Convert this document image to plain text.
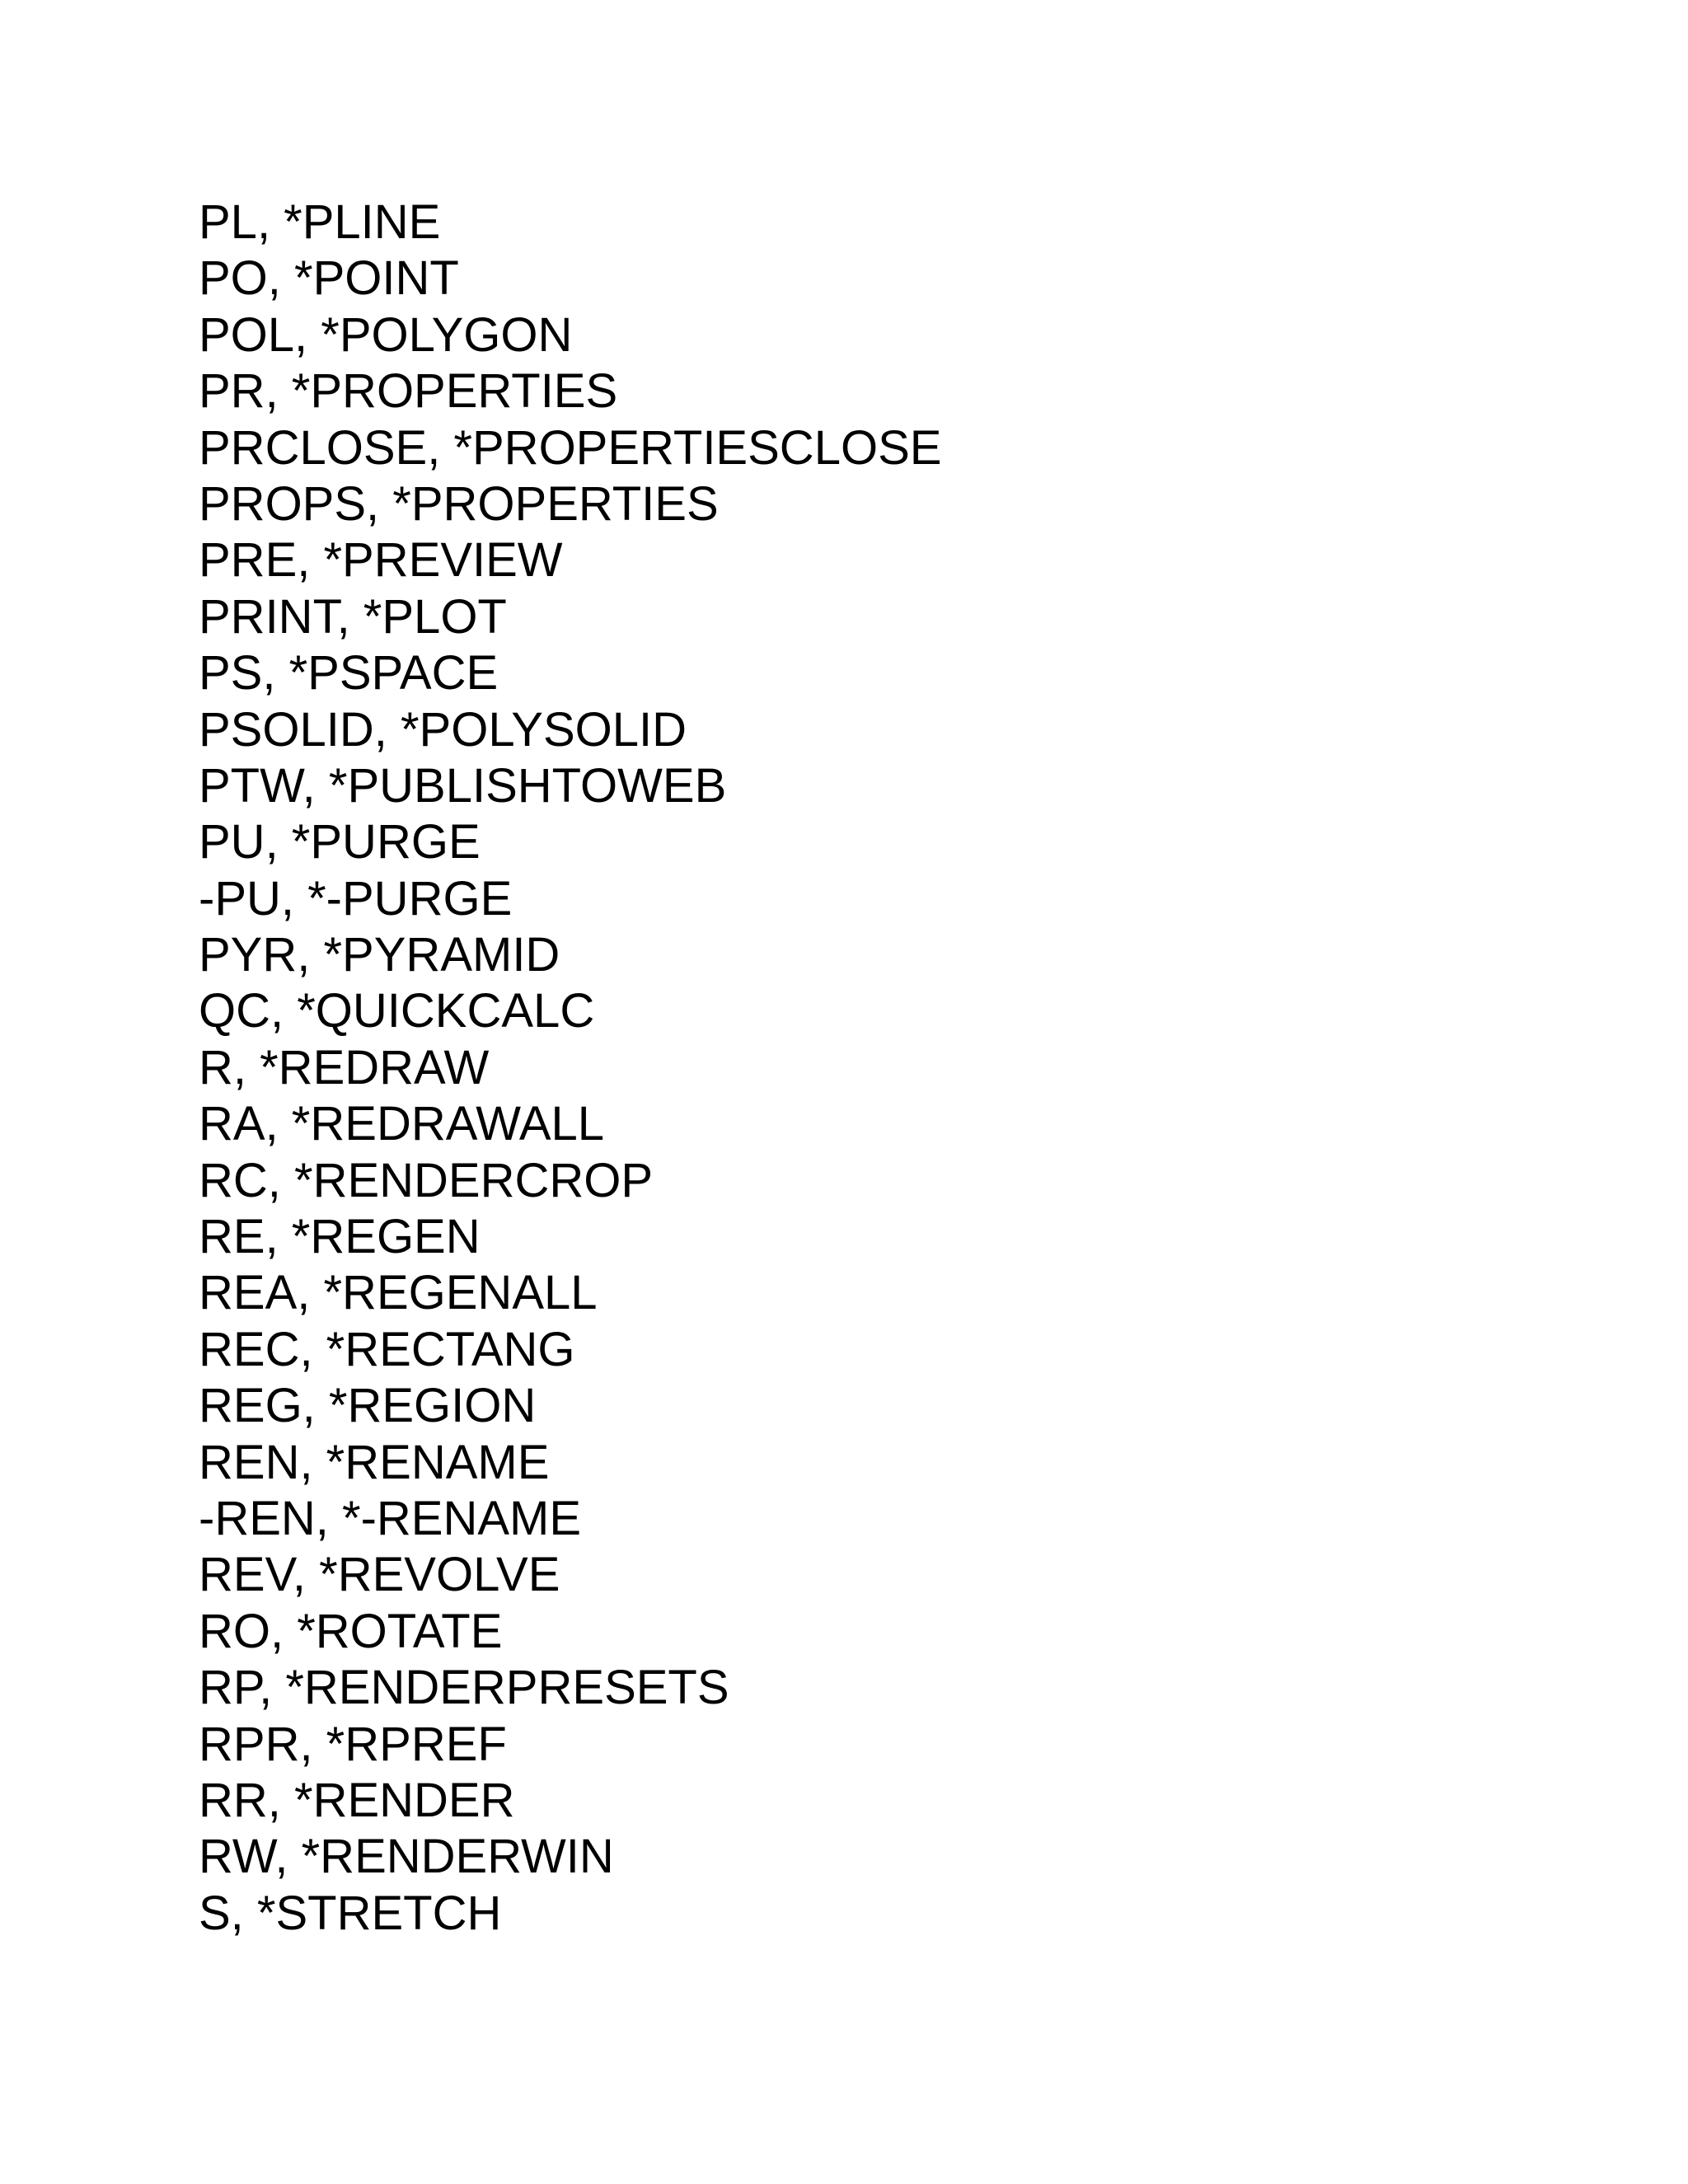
PL, *PLINE
PO, *POINT
POL, *POLYGON
PR, *PROPERTIES
PRCLOSE, *PROPERTIESCLOSE
PROPS, *PROPERTIES
PRE, *PREVIEW
PRINT, *PLOT
PS, *PSPACE
PSOLID, *POLYSOLID
PTW, *PUBLISHTOWEB
PU, *PURGE
-PU, *-PURGE
PYR, *PYRAMID
QC, *QUICKCALC
R, *REDRAW
RA, *REDRAWALL
RC, *RENDERCROP
RE, *REGEN
REA, *REGENALL
REC, *RECTANG
REG, *REGION
REN, *RENAME
-REN, *-RENAME
REV, *REVOLVE
RO, *ROTATE
RP, *RENDERPRESETS
RPR, *RPREF
RR, *RENDER
RW, *RENDERWIN
S, *STRETCH
